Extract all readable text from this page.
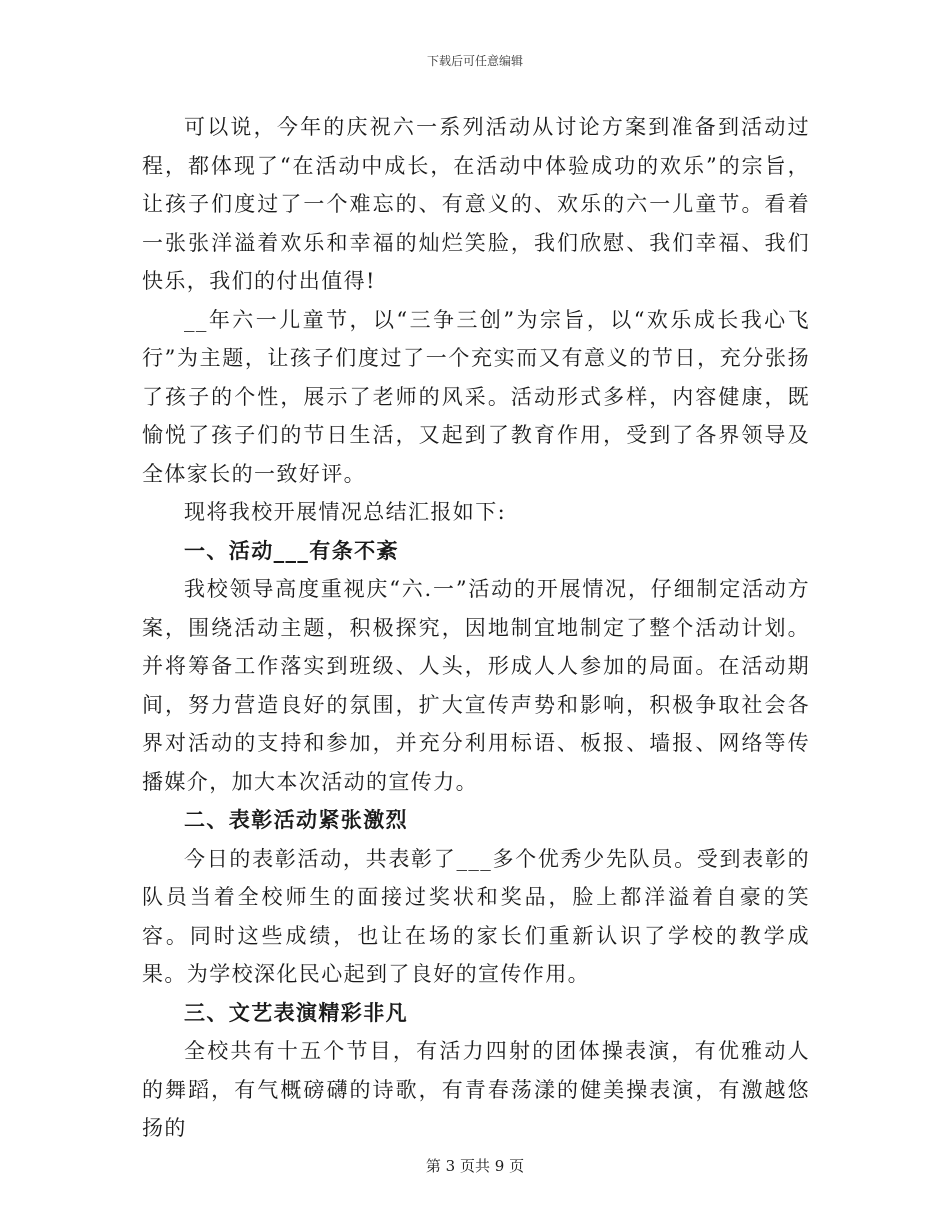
下载后可任意编辑

可以说，今年的庆祝六一系列活动从讨论方案到准备到活动过程，都体现了“在活动中成长，在活动中体验成功的欢乐”的宗旨，让孩子们度过了一个难忘的、有意义的、欢乐的六一儿童节。看着一张张洋溢着欢乐和幸福的灿烂笑脸，我们欣慰、我们幸福、我们快乐，我们的付出值得!

__年六一儿童节，以“三争三创”为宗旨，以“欢乐成长我心飞行”为主题，让孩子们度过了一个充实而又有意义的节日，充分张扬了孩子的个性，展示了老师的风采。活动形式多样，内容健康，既愉悦了孩子们的节日生活，又起到了教育作用，受到了各界领导及全体家长的一致好评。

现将我校开展情况总结汇报如下:

一、活动___有条不紊

我校领导高度重视庆“六.一”活动的开展情况，仔细制定活动方案，围绕活动主题，积极探究，因地制宜地制定了整个活动计划。并将筹备工作落实到班级、人头，形成人人参加的局面。在活动期间，努力营造良好的氛围，扩大宣传声势和影响，积极争取社会各界对活动的支持和参加，并充分利用标语、板报、墙报、网络等传播媒介，加大本次活动的宣传力。

二、表彰活动紧张激烈

今日的表彰活动，共表彰了___多个优秀少先队员。受到表彰的队员当着全校师生的面接过奖状和奖品，脸上都洋溢着自豪的笑容。同时这些成绩，也让在场的家长们重新认识了学校的教学成果。为学校深化民心起到了良好的宣传作用。

三、文艺表演精彩非凡

全校共有十五个节目，有活力四射的团体操表演，有优雅动人的舞蹈，有气概磅礴的诗歌，有青春荡漾的健美操表演，有激越悠扬的

第 3 页共 9 页
